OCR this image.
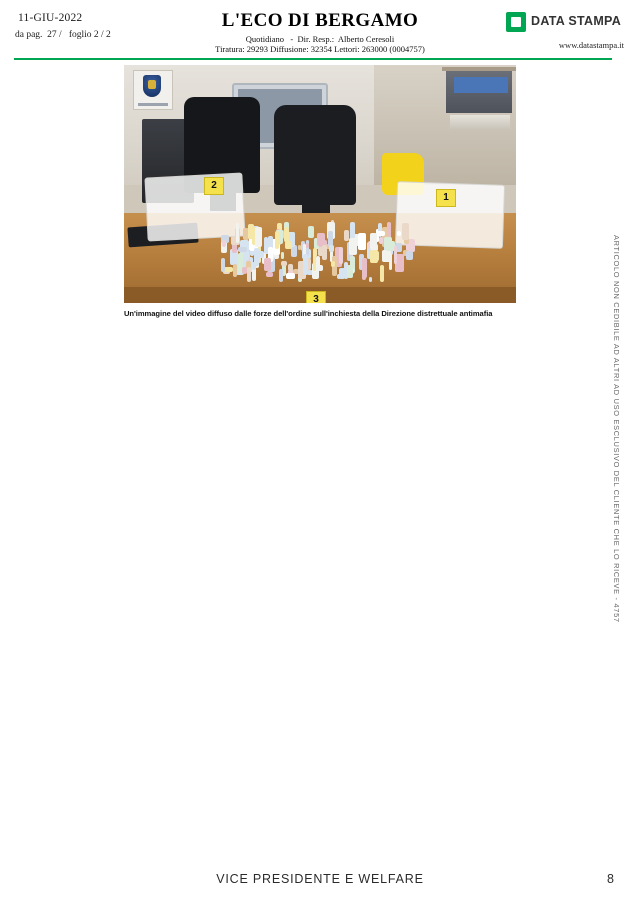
11-GIU-2022
da pag.  27 /   foglio 2 / 2
L'ECO DI BERGAMO
Quotidiano   -  Dir. Resp.:  Alberto Ceresoli
Tiratura: 29293 Diffusione: 32354 Lettori: 263000 (0004757)
DATA STAMPA
www.datastampa.it
1
2
3
Un'immagine del video diffuso dalle forze dell'ordine sull'inchiesta della Direzione distrettuale antimafia	ARTICOLO NON CEDIBILE AD ALTRI AD USO ESCLUSIVO DEL CLIENTE CHE LO RICEVE - 4757
VICE PRESIDENTE E WELFARE	8
